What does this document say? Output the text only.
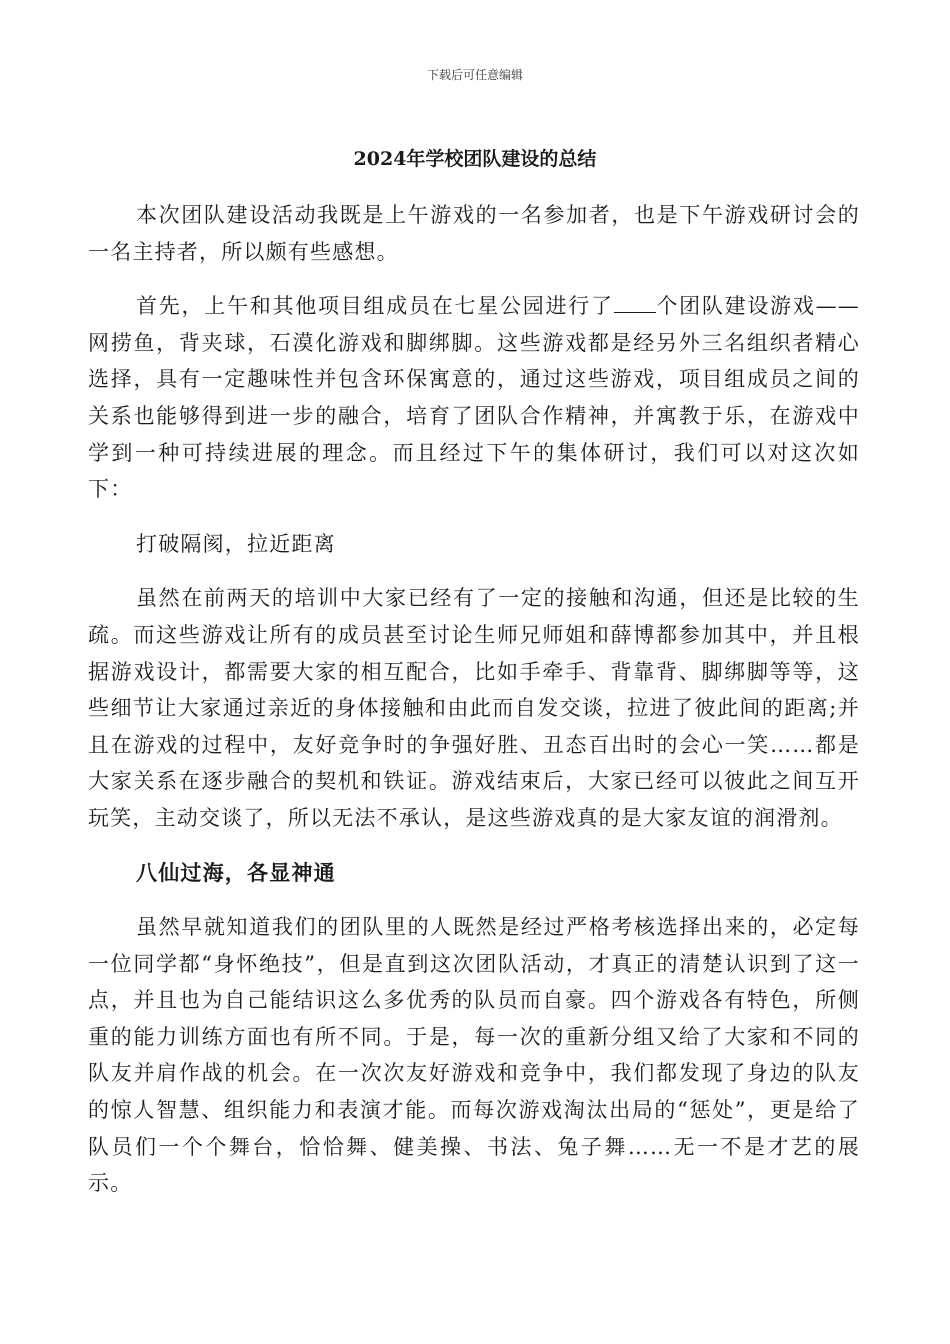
下载后可任意编辑
2024年学校团队建设的总结

本次团队建设活动我既是上午游戏的一名参加者，也是下午游戏研讨会的一名主持者，所以颇有些感想。

首先，上午和其他项目组成员在七星公园进行了 个团队建设游戏——网捞鱼，背夹球，石漠化游戏和脚绑脚。这些游戏都是经另外三名组织者精心选择，具有一定趣味性并包含环保寓意的，通过这些游戏，项目组成员之间的关系也能够得到进一步的融合，培育了团队合作精神，并寓教于乐，在游戏中学到一种可持续进展的理念。而且经过下午的集体研讨，我们可以对这次如下：

打破隔阂，拉近距离

虽然在前两天的培训中大家已经有了一定的接触和沟通，但还是比较的生疏。而这些游戏让所有的成员甚至讨论生师兄师姐和薛博都参加其中，并且根据游戏设计，都需要大家的相互配合，比如手牵手、背靠背、脚绑脚等等，这些细节让大家通过亲近的身体接触和由此而自发交谈，拉进了彼此间的距离;并且在游戏的过程中，友好竞争时的争强好胜、丑态百出时的会心一笑……都是大家关系在逐步融合的契机和铁证。游戏结束后，大家已经可以彼此之间互开玩笑，主动交谈了，所以无法不承认，是这些游戏真的是大家友谊的润滑剂。

八仙过海，各显神通

虽然早就知道我们的团队里的人既然是经过严格考核选择出来的，必定每一位同学都“身怀绝技”，但是直到这次团队活动，才真正的清楚认识到了这一点，并且也为自己能结识这么多优秀的队员而自豪。四个游戏各有特色，所侧重的能力训练方面也有所不同。于是，每一次的重新分组又给了大家和不同的队友并肩作战的机会。在一次次友好游戏和竞争中，我们都发现了身边的队友的惊人智慧、组织能力和表演才能。而每次游戏淘汰出局的“惩处”，更是给了队员们一个个舞台，恰恰舞、健美操、书法、兔子舞……无一不是才艺的展示。
